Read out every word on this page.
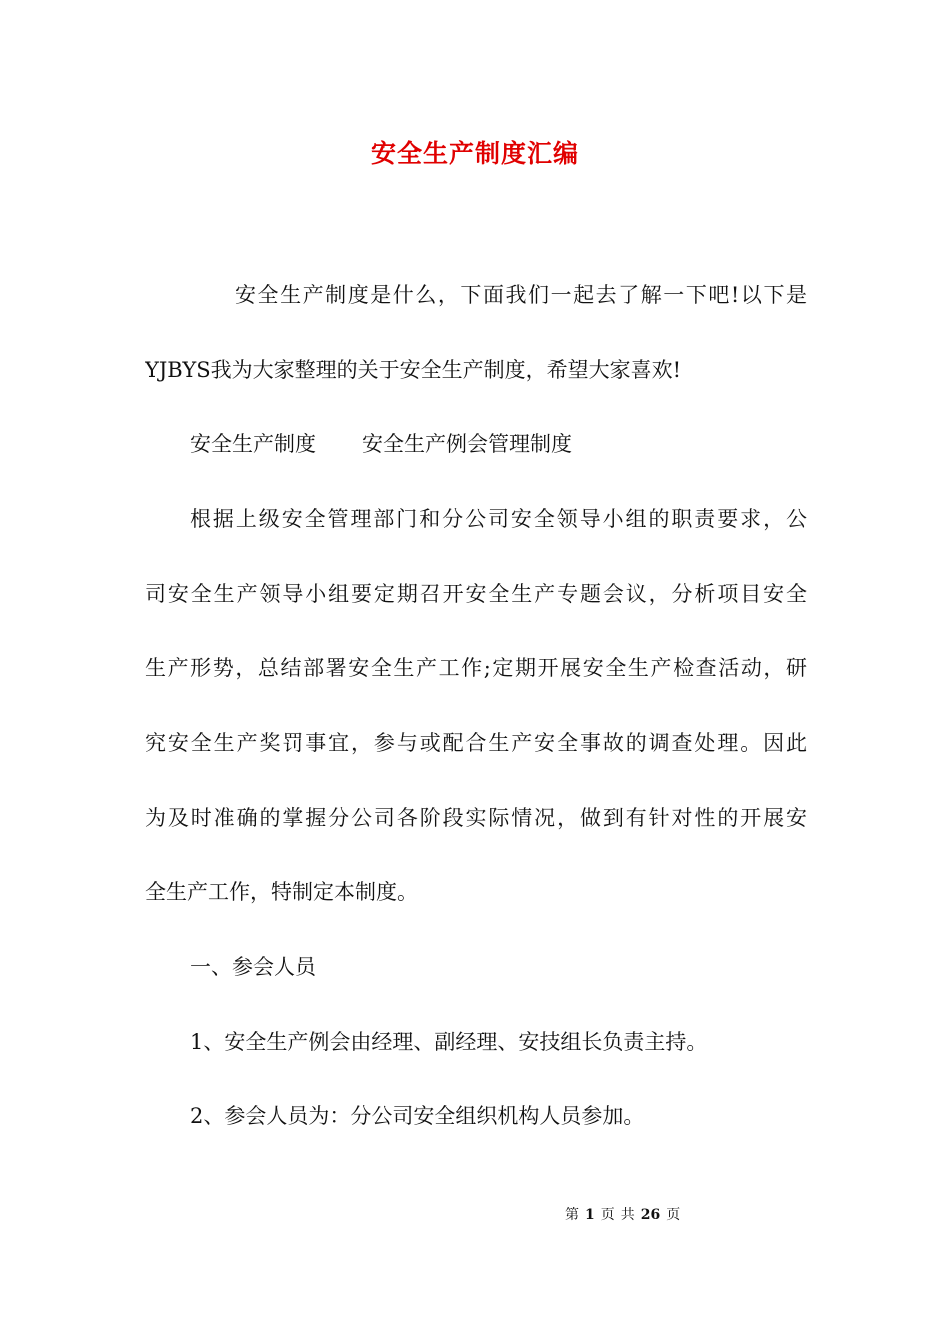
安全生产制度汇编
安全生产制度是什么，下面我们一起去了解一下吧!以下是
YJBYS我为大家整理的关于安全生产制度，希望大家喜欢!
安全生产制度 安全生产例会管理制度
根据上级安全管理部门和分公司安全领导小组的职责要求，公
司安全生产领导小组要定期召开安全生产专题会议，分析项目安全
生产形势，总结部署安全生产工作;定期开展安全生产检查活动，研
究安全生产奖罚事宜，参与或配合生产安全事故的调查处理。因此
为及时准确的掌握分公司各阶段实际情况，做到有针对性的开展安
全生产工作，特制定本制度。
一、参会人员
1、安全生产例会由经理、副经理、安技组长负责主持。
2、参会人员为：分公司安全组织机构人员参加。
第 1 页 共 26 页
